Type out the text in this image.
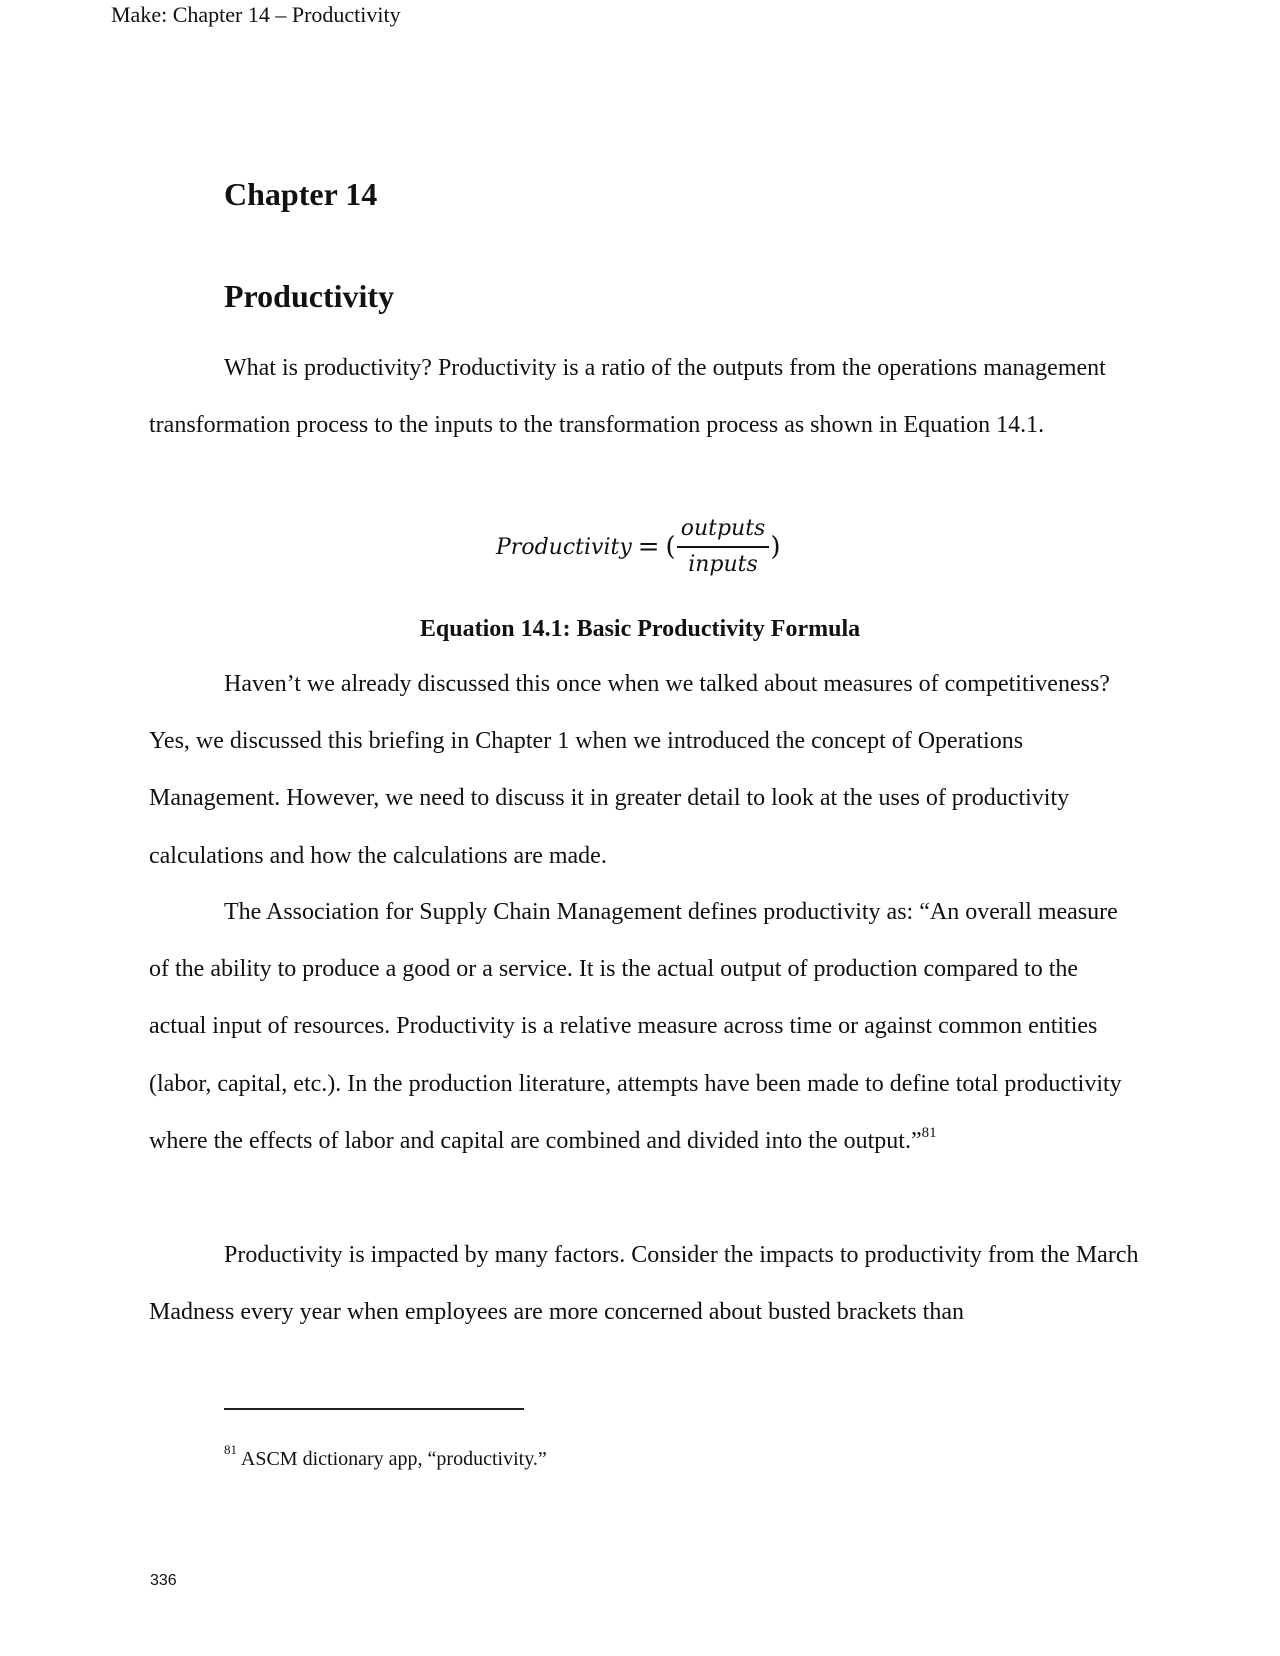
Make: Chapter 14 – Productivity
Chapter 14
Productivity

What is productivity? Productivity is a ratio of the outputs from the operations management transformation process to the inputs to the transformation process as shown in Equation 14.1.

Productivity = ( $\frac{\text{outputs}}{\text{inputs}}$ )
Equation 14.1: Basic Productivity Formula

Haven’t we already discussed this once when we talked about measures of competitiveness? Yes, we discussed this briefing in Chapter 1 when we introduced the concept of Operations Management. However, we need to discuss it in greater detail to look at the uses of productivity calculations and how the calculations are made.

The Association for Supply Chain Management defines productivity as: “An overall measure of the ability to produce a good or a service. It is the actual output of production compared to the actual input of resources. Productivity is a relative measure across time or against common entities (labor, capital, etc.). In the production literature, attempts have been made to define total productivity where the effects of labor and capital are combined and divided into the output.”$^{81}$

Productivity is impacted by many factors. Consider the impacts to productivity from the March Madness every year when employees are more concerned about busted brackets than

$^{81}$ ASCM dictionary app, “productivity.”
336
